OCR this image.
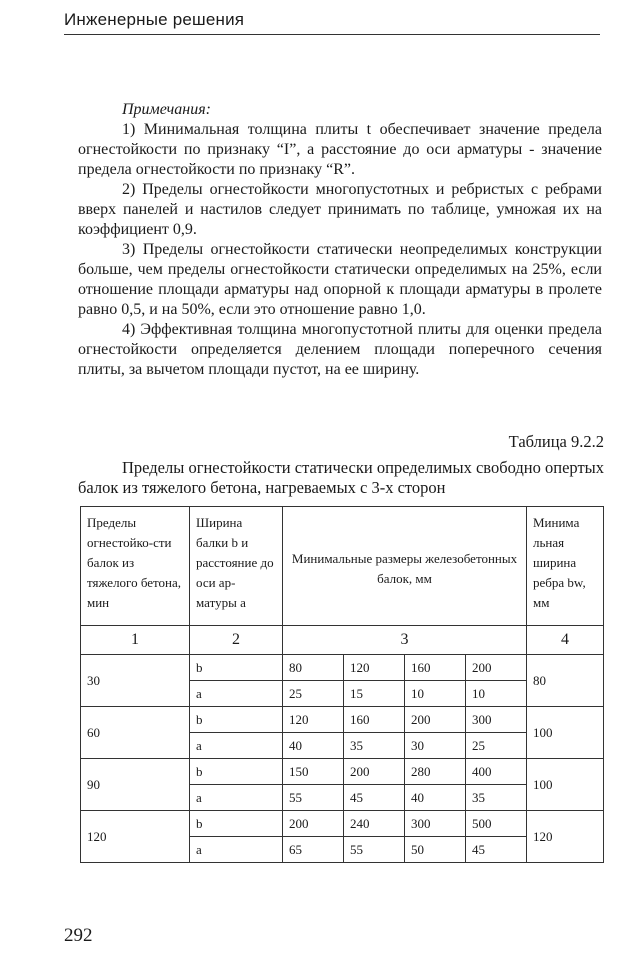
Инженерные решения
Примечания:

1) Минимальная толщина плиты t обеспечивает значение предела огнестойкости по признаку “I”, а расстояние до оси арматуры - значение предела огнестойкости по признаку “R”.

2) Пределы огнестойкости многопустотных и ребристых с ребрами вверх панелей и настилов следует принимать по таблице, умножая их на коэффициент 0,9.

3) Пределы огнестойкости статически неопределимых конструкции больше, чем пределы огнестойкости статически определимых на 25%, если отношение площади арматуры над опорной к площади арматуры в пролете равно 0,5, и на 50%, если это отношение равно 1,0.

4) Эффективная толщина многопустотной плиты для оценки предела огнестойкости определяется делением площади поперечного сечения плиты, за вычетом площади пустот, на ее ширину.

Таблица 9.2.2
Пределы огнестойкости статически определимых свободно опертых балок из тяжелого бетона, нагреваемых с 3-х сторон
Пределы огнестойко-сти балок из тяжелого бетона, мин	Ширина балки b и расстояние до оси ар-матуры a	Минимальные размеры железобетонных балок, мм				Минима льная ширина ребра bw, мм
1	2	3				4
30	b	80	120	160	200	80
	a	25	15	10	10	
60	b	120	160	200	300	100
	a	40	35	30	25	
90	b	150	200	280	400	100
	a	55	45	40	35	
120	b	200	240	300	500	120
	a	65	55	50	45	
292
